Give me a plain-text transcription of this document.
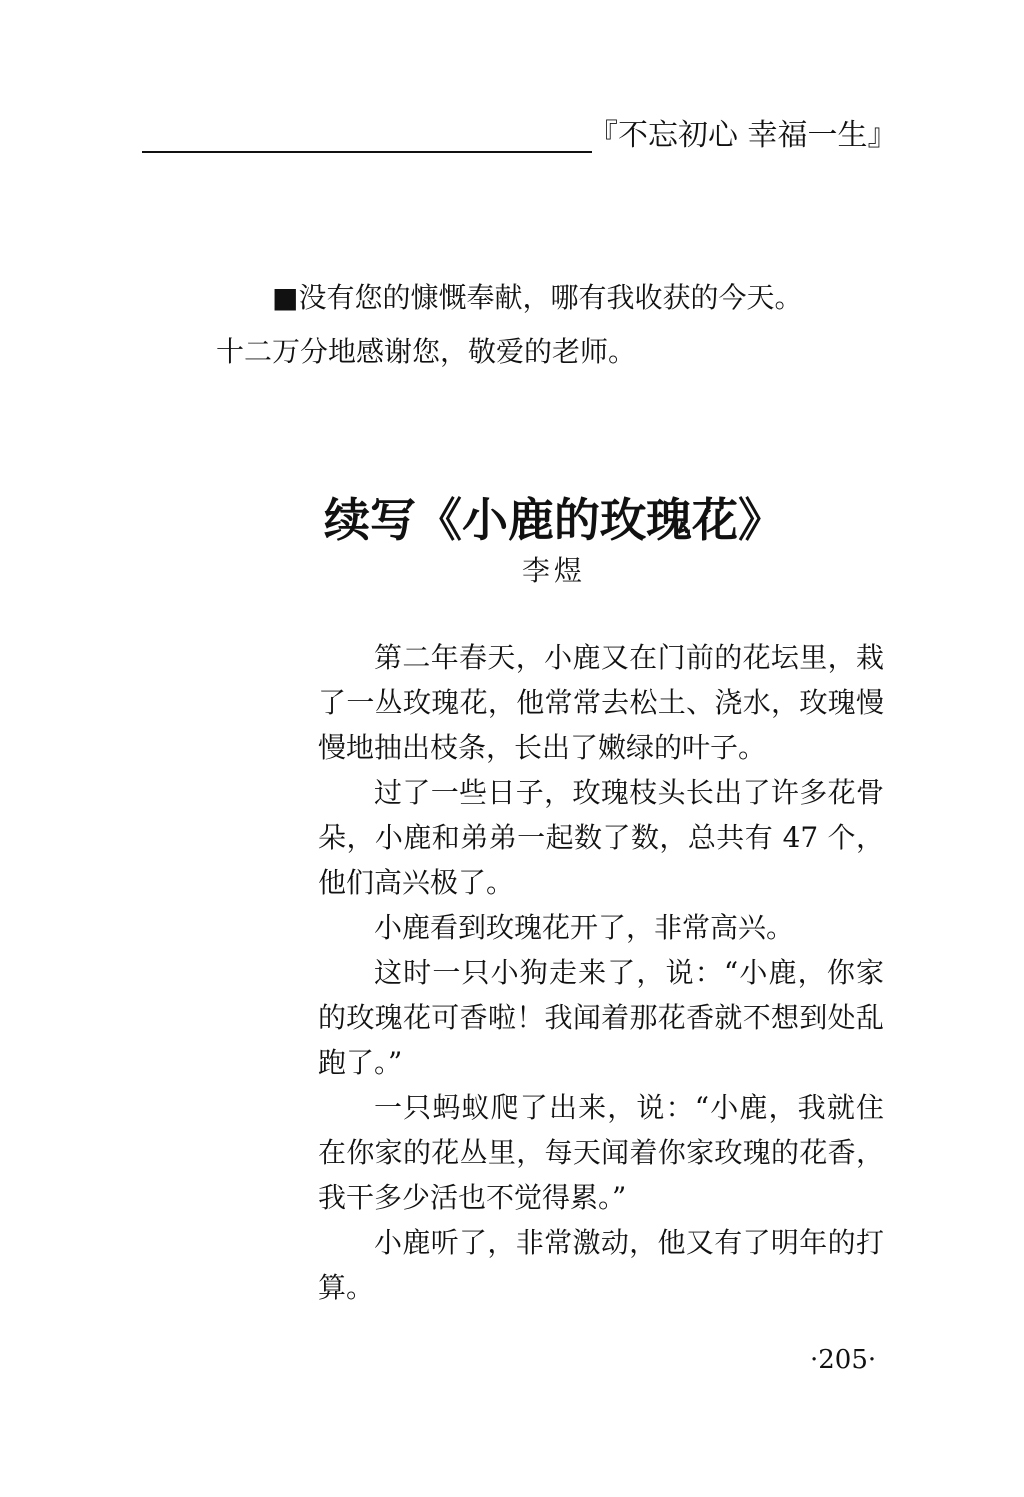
『不忘初心 幸福一生』
■没有您的慷慨奉献，哪有我收获的今天。
十二万分地感谢您，敬爱的老师。
续写《小鹿的玫瑰花》
李煜

第二年春天，小鹿又在门前的花坛里，栽了一丛玫瑰花，他常常去松土、浇水，玫瑰慢慢地抽出枝条，长出了嫩绿的叶子。

过了一些日子，玫瑰枝头长出了许多花骨朵，小鹿和弟弟一起数了数，总共有 47 个，他们高兴极了。

小鹿看到玫瑰花开了，非常高兴。

这时一只小狗走来了，说：“小鹿，你家的玫瑰花可香啦！我闻着那花香就不想到处乱跑了。”

一只蚂蚁爬了出来，说：“小鹿，我就住在你家的花丛里，每天闻着你家玫瑰的花香，我干多少活也不觉得累。”

小鹿听了，非常激动，他又有了明年的打算。

·205·
